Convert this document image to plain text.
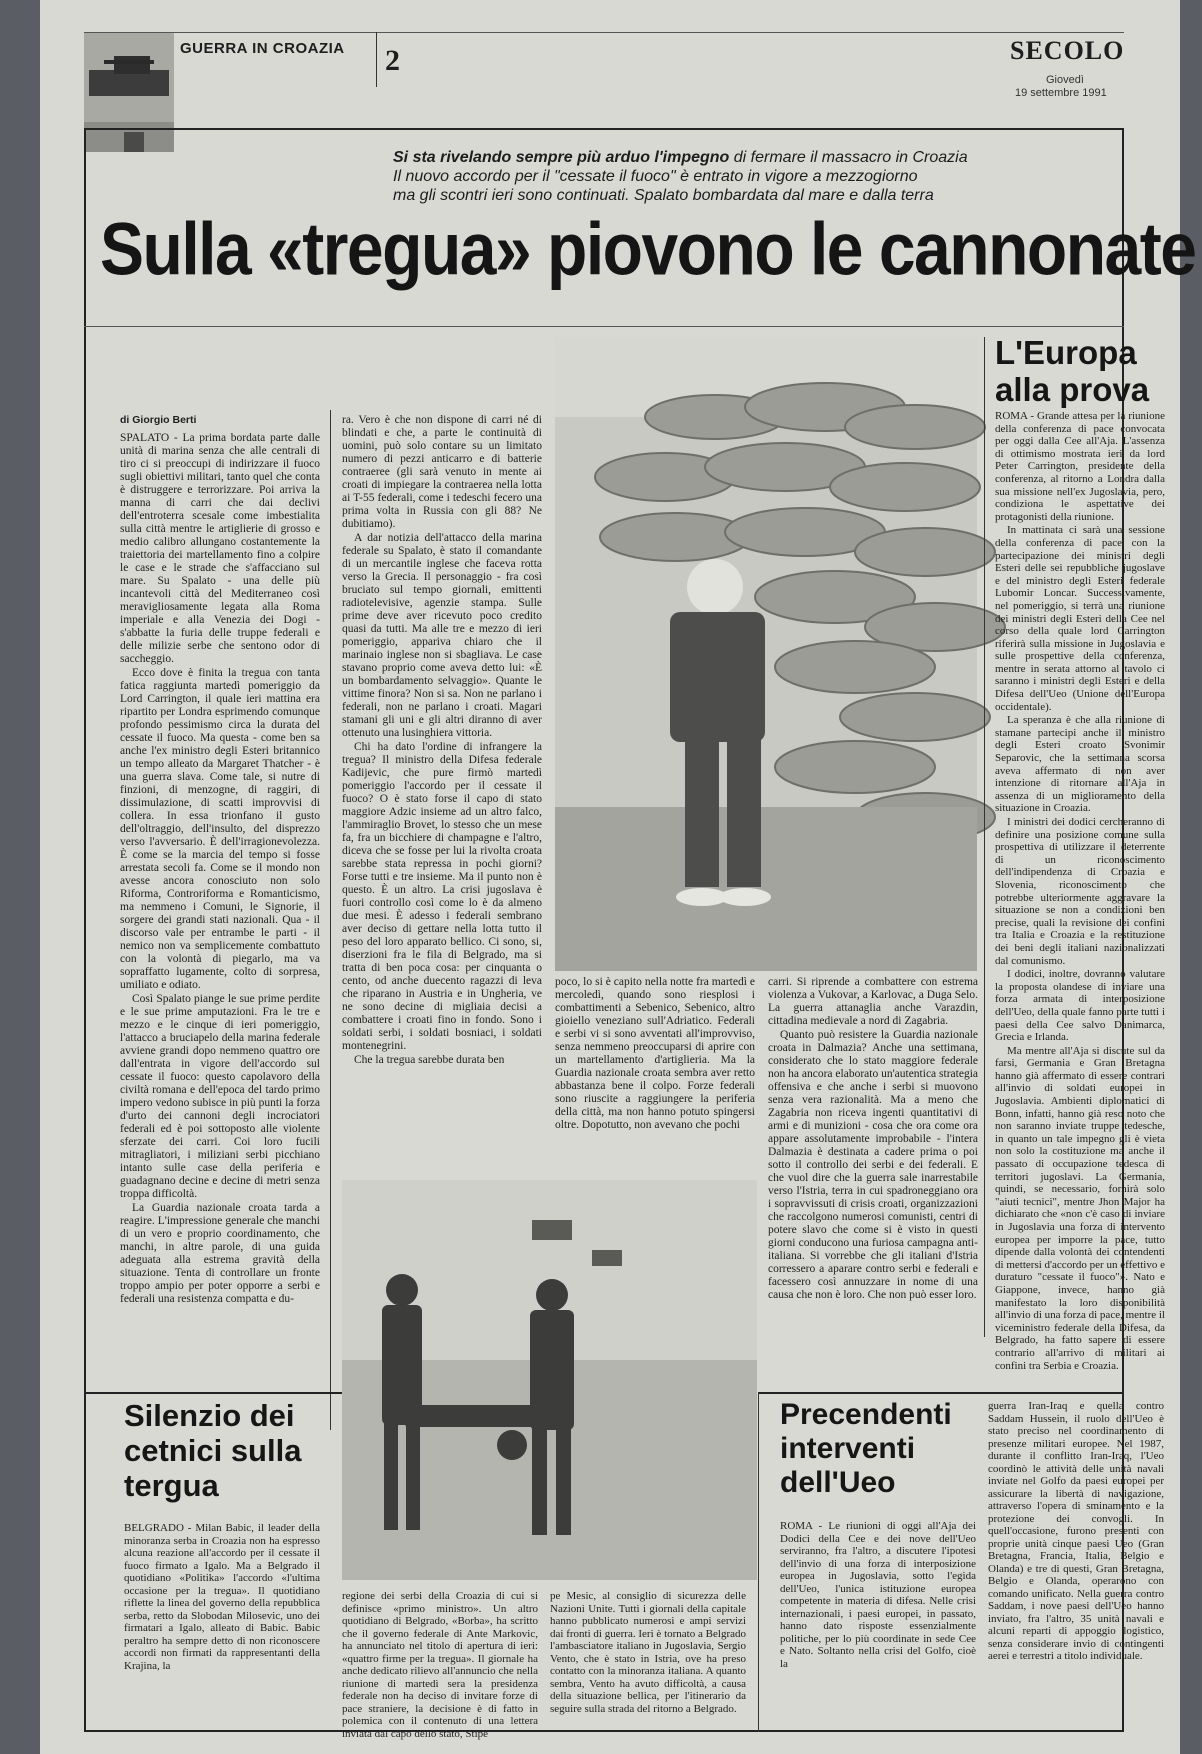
GUERRA IN CROAZIA 2	SECOLO
Giovedì
19 settembre 1991
Si sta rivelando sempre più arduo l'impegno di fermare il massacro in Croazia
Il nuovo accordo per il "cessate il fuoco" è entrato in vigore a mezzogiorno
ma gli scontri ieri sono continuati. Spalato bombardata dal mare e dalla terra
Sulla «tregua» piovono le cannonate
di Giorgio Berti

SPALATO - La prima bordata parte dalle unità di marina senza che alle centrali di tiro ci si preoccupi di indirizzare il fuoco sugli obiettivi militari, tanto quel che conta è distruggere e terrorizzare. Poi arriva la manna di carri che dai declivi dell'entroterra scesale come imbestialita sulla città mentre le artiglierie di grosso e medio calibro allungano costantemente la traiettoria dei martellamento fino a colpire le case e le strade che s'affacciano sul mare. Su Spalato - una delle più incantevoli città del Mediterraneo così meravigliosamente legata alla Roma imperiale e alla Venezia dei Dogi - s'abbatte la furia delle truppe federali e delle milizie serbe che sentono odor di saccheggio.

Ecco dove è finita la tregua con tanta fatica raggiunta martedì pomeriggio da Lord Carrington, il quale ieri mattina era ripartito per Londra esprimendo comunque profondo pessimismo circa la durata del cessate il fuoco. Ma questa - come ben sa anche l'ex ministro degli Esteri britannico un tempo alleato da Margaret Thatcher - è una guerra slava. Come tale, si nutre di finzioni, di menzogne, di raggiri, di dissimulazione, di scatti improvvisi di collera. In essa trionfano il gusto dell'oltraggio, dell'insulto, del disprezzo verso l'avversario. È dell'irragionevolezza. È come se la marcia del tempo si fosse arrestata secoli fa. Come se il mondo non avesse ancora conosciuto non solo Riforma, Controriforma e Romanticismo, ma nemmeno i Comuni, le Signorie, il sorgere dei grandi stati nazionali. Qua - il discorso vale per entrambe le parti - il nemico non va semplicemente combattuto con la volontà di piegarlo, ma va sopraffatto lugamente, colto di sorpresa, umiliato e odiato.

Così Spalato piange le sue prime perdite e le sue prime amputazioni. Fra le tre e mezzo e le cinque di ieri pomeriggio, l'attacco a bruciapelo della marina federale avviene grandi dopo nemmeno quattro ore dall'entrata in vigore dell'accordo sul cessate il fuoco: questo capolavoro della civiltà romana e dell'epoca del tardo primo impero vedono subisce in più punti la forza d'urto dei cannoni degli incrociatori federali ed è poi sottoposto alle violente sferzate dei carri. Coi loro fucili mitragliatori, i miliziani serbi picchiano intanto sulle case della periferia e guadagnano decine e decine di metri senza troppa difficoltà.

La Guardia nazionale croata tarda a reagire. L'impressione generale che manchi di un vero e proprio coordinamento, che manchi, in altre parole, di una guida adeguata alla estrema gravità della situazione. Tenta di controllare un fronte troppo ampio per poter opporre a serbi e federali una resistenza compatta e du-

ra. Vero è che non dispone di carri né di blindati e che, a parte le continuità di uomini, può solo contare su un limitato numero di pezzi anticarro e di batterie contraeree (gli sarà venuto in mente ai croati di impiegare la contraerea nella lotta ai T-55 federali, come i tedeschi fecero una prima volta in Russia con gli 88? Ne dubitiamo).

A dar notizia dell'attacco della marina federale su Spalato, è stato il comandante di un mercantile inglese che faceva rotta verso la Grecia. Il personaggio - fra così bruciato sul tempo giornali, emittenti radiotelevisive, agenzie stampa. Sulle prime deve aver ricevuto poco credito quasi da tutti. Ma alle tre e mezzo di ieri pomeriggio, appariva chiaro che il marinaio inglese non si sbagliava. Le case stavano proprio come aveva detto lui: «È un bombardamento selvaggio». Quante le vittime finora? Non si sa. Non ne parlano i federali, non ne parlano i croati. Magari stamani gli uni e gli altri diranno di aver ottenuto una lusinghiera vittoria.

Chi ha dato l'ordine di infrangere la tregua? Il ministro della Difesa federale Kadijevic, che pure firmò martedì pomeriggio l'accordo per il cessate il fuoco? O è stato forse il capo di stato maggiore Adzic insieme ad un altro falco, l'ammiraglio Brovet, lo stesso che un mese fa, fra un bicchiere di champagne e l'altro, diceva che se fosse per lui la rivolta croata sarebbe stata repressa in pochi giorni? Forse tutti e tre insieme. Ma il punto non è questo. È un altro. La crisi jugoslava è fuori controllo così come lo è da almeno due mesi. È adesso i federali sembrano aver deciso di gettare nella lotta tutto il peso del loro apparato bellico. Ci sono, si, diserzioni fra le fila di Belgrado, ma si tratta di ben poca cosa: per cinquanta o cento, od anche duecento ragazzi di leva che riparano in Austria e in Ungheria, ve ne sono decine di migliaia decisi a combattere i croati fino in fondo. Sono i soldati serbi, i soldati bosniaci, i soldati montenegrini.

Che la tregua sarebbe durata ben

poco, lo si è capito nella notte fra martedì e mercoledì, quando sono riesplosi i combattimenti a Sebenico, Sebenico, altro gioiello veneziano sull'Adriatico. Federali e serbi vi si sono avventati all'improvviso, senza nemmeno preoccuparsi di aprire con un martellamento d'artiglieria. Ma la Guardia nazionale croata sembra aver retto abbastanza bene il colpo. Forze federali sono riuscite a raggiungere la periferia della città, ma non hanno potuto spingersi oltre. Dopotutto, non avevano che pochi

carri. Si riprende a combattere con estrema violenza a Vukovar, a Karlovac, a Duga Selo. La guerra attanaglia anche Varazdin, cittadina medievale a nord di Zagabria.

Quanto può resistere la Guardia nazionale croata in Dalmazia? Anche una settimana, considerato che lo stato maggiore federale non ha ancora elaborato un'autentica strategia offensiva e che anche i serbi si muovono senza vera razionalità. Ma a meno che Zagabria non riceva ingenti quantitativi di armi e di munizioni - cosa che ora come ora appare assolutamente improbabile - l'intera Dalmazia è destinata a cadere prima o poi sotto il controllo dei serbi e dei federali. E che vuol dire che la guerra sale inarrestabile verso l'Istria, terra in cui spadroneggiano ora i sopravvissuti di crisis croati, organizzazioni che raccolgono numerosi comunisti, centri di potere slavo che come si è visto in questi giorni conducono una furiosa campagna anti-italiana. Si vorrebbe che gli italiani d'Istria corressero a aparare contro serbi e federali e facessero così annuzzare in nome di una causa che non è loro. Che non può esser loro.

L'Europa alla prova

ROMA - Grande attesa per la riunione della conferenza di pace convocata per oggi dalla Cee all'Aja. L'assenza di ottimismo mostrata ieri da lord Peter Carrington, presidente della conferenza, al ritorno a Londra dalla sua missione nell'ex Jugoslavia, pero, condiziona le aspettative dei protagonisti della riunione.

In mattinata ci sarà una sessione della conferenza di pace con la partecipazione dei ministri degli Esteri delle sei repubbliche jugoslave e del ministro degli Esteri federale Lubomir Loncar. Successivamente, nel pomeriggio, si terrà una riunione dei ministri degli Esteri della Cee nel corso della quale lord Carrington riferirà sulla missione in Jugoslavia e sulle prospettive della conferenza, mentre in serata attorno al tavolo ci saranno i ministri degli Esteri e della Difesa dell'Ueo (Unione dell'Europa occidentale).

La speranza è che alla riunione di stamane partecipi anche il ministro degli Esteri croato Svonimir Separovic, che la settimana scorsa aveva affermato di non aver intenzione di ritornare all'Aja in assenza di un miglioramento della situazione in Croazia.

I ministri dei dodici cercheranno di definire una posizione comune sulla prospettiva di utilizzare il deterrente di un riconoscimento dell'indipendenza di Croazia e Slovenia, riconoscimento che potrebbe ulteriormente aggravare la situazione se non a condizioni ben precise, quali la revisione dei confini tra Italia e Croazia e la restituzione dei beni degli italiani nazionalizzati dal comunismo.

I dodici, inoltre, dovranno valutare la proposta olandese di inviare una forza armata di interposizione dell'Ueo, della quale fanno parte tutti i paesi della Cee salvo Danimarca, Grecia e Irlanda.

Ma mentre all'Aja si discute sul da farsi, Germania e Gran Bretagna hanno già affermato di essere contrari all'invio di soldati europei in Jugoslavia. Ambienti diplomatici di Bonn, infatti, hanno già reso noto che non saranno inviate truppe tedesche, in quanto un tale impegno gli è vieta non solo la costituzione ma anche il passato di occupazione tedesca di territori jugoslavi. La Germania, quindi, se necessario, fornirà solo "aiuti tecnici", mentre Jhon Major ha dichiarato che «non c'è caso di inviare in Jugoslavia una forza di intervento europea per imporre la pace, tutto dipende dalla volontà dei contendenti di mettersi d'accordo per un effettivo e duraturo "cessate il fuoco"». Nato e Giappone, invece, hanno già manifestato la loro disponibilità all'invio di una forza di pace, mentre il viceministro federale della Difesa, da Belgrado, ha fatto sapere di essere contrario all'arrivo di militari ai confini tra Serbia e Croazia.

Silenzio dei cetnici sulla tergua

BELGRADO - Milan Babic, il leader della minoranza serba in Croazia non ha espresso alcuna reazione all'accordo per il cessate il fuoco firmato a Igalo. Ma a Belgrado il quotidiano «Politika» l'accordo «l'ultima occasione per la tregua». Il quotidiano riflette la linea del governo della repubblica serba, retto da Slobodan Milosevic, uno dei firmatari a Igalo, alleato di Babic. Babic peraltro ha sempre detto di non riconoscere accordi non firmati da rappresentanti della Krajina, la

regione dei serbi della Croazia di cui si definisce «primo ministro». Un altro quotidiano di Belgrado, «Borba», ha scritto che il governo federale di Ante Markovic, ha annunciato nel titolo di apertura di ieri: «quattro firme per la tregua». Il giornale ha anche dedicato rilievo all'annuncio che nella riunione di martedì sera la presidenza federale non ha deciso di invitare forze di pace straniere, la decisione è di fatto in polemica con il contenuto di una lettera inviata dal capo dello stato, Stipe

pe Mesic, al consiglio di sicurezza delle Nazioni Unite. Tutti i giornali della capitale hanno pubblicato numerosi e ampi servizi dai fronti di guerra. Ieri è tornato a Belgrado l'ambasciatore italiano in Jugoslavia, Sergio Vento, che è stato in Istria, ove ha preso contatto con la minoranza italiana. A quanto sembra, Vento ha avuto difficoltà, a causa della situazione bellica, per l'itinerario da seguire sulla strada del ritorno a Belgrado.

Precendenti interventi dell'Ueo

ROMA - Le riunioni di oggi all'Aja dei Dodici della Cee e dei nove dell'Ueo serviranno, fra l'altro, a discutere l'ipotesi dell'invio di una forza di interposizione europea in Jugoslavia, sotto l'egida dell'Ueo, l'unica istituzione europea competente in materia di difesa. Nelle crisi internazionali, i paesi europei, in passato, hanno dato risposte essenzialmente politiche, per lo più coordinate in sede Cee e Nato. Soltanto nella crisi del Golfo, cioè la

guerra Iran-Iraq e quella contro Saddam Hussein, il ruolo dell'Ueo è stato preciso nel coordinamento di presenze militari europee. Nel 1987, durante il conflitto Iran-Iraq, l'Ueo coordinò le attività delle unità navali inviate nel Golfo da paesi europei per assicurare la libertà di navigazione, attraverso l'opera di sminamento e la protezione dei convogli. In quell'occasione, furono presenti con proprie unità cinque paesi Ueo (Gran Bretagna, Francia, Italia, Belgio e Olanda) e tre di questi, Gran Bretagna, Belgio e Olanda, operarono con comando unificato. Nella guerra contro Saddam, i nove paesi dell'Ueo hanno inviato, fra l'altro, 35 unità navali e alcuni reparti di appoggio logistico, senza considerare invio di contingenti aerei e terrestri a titolo individuale.
